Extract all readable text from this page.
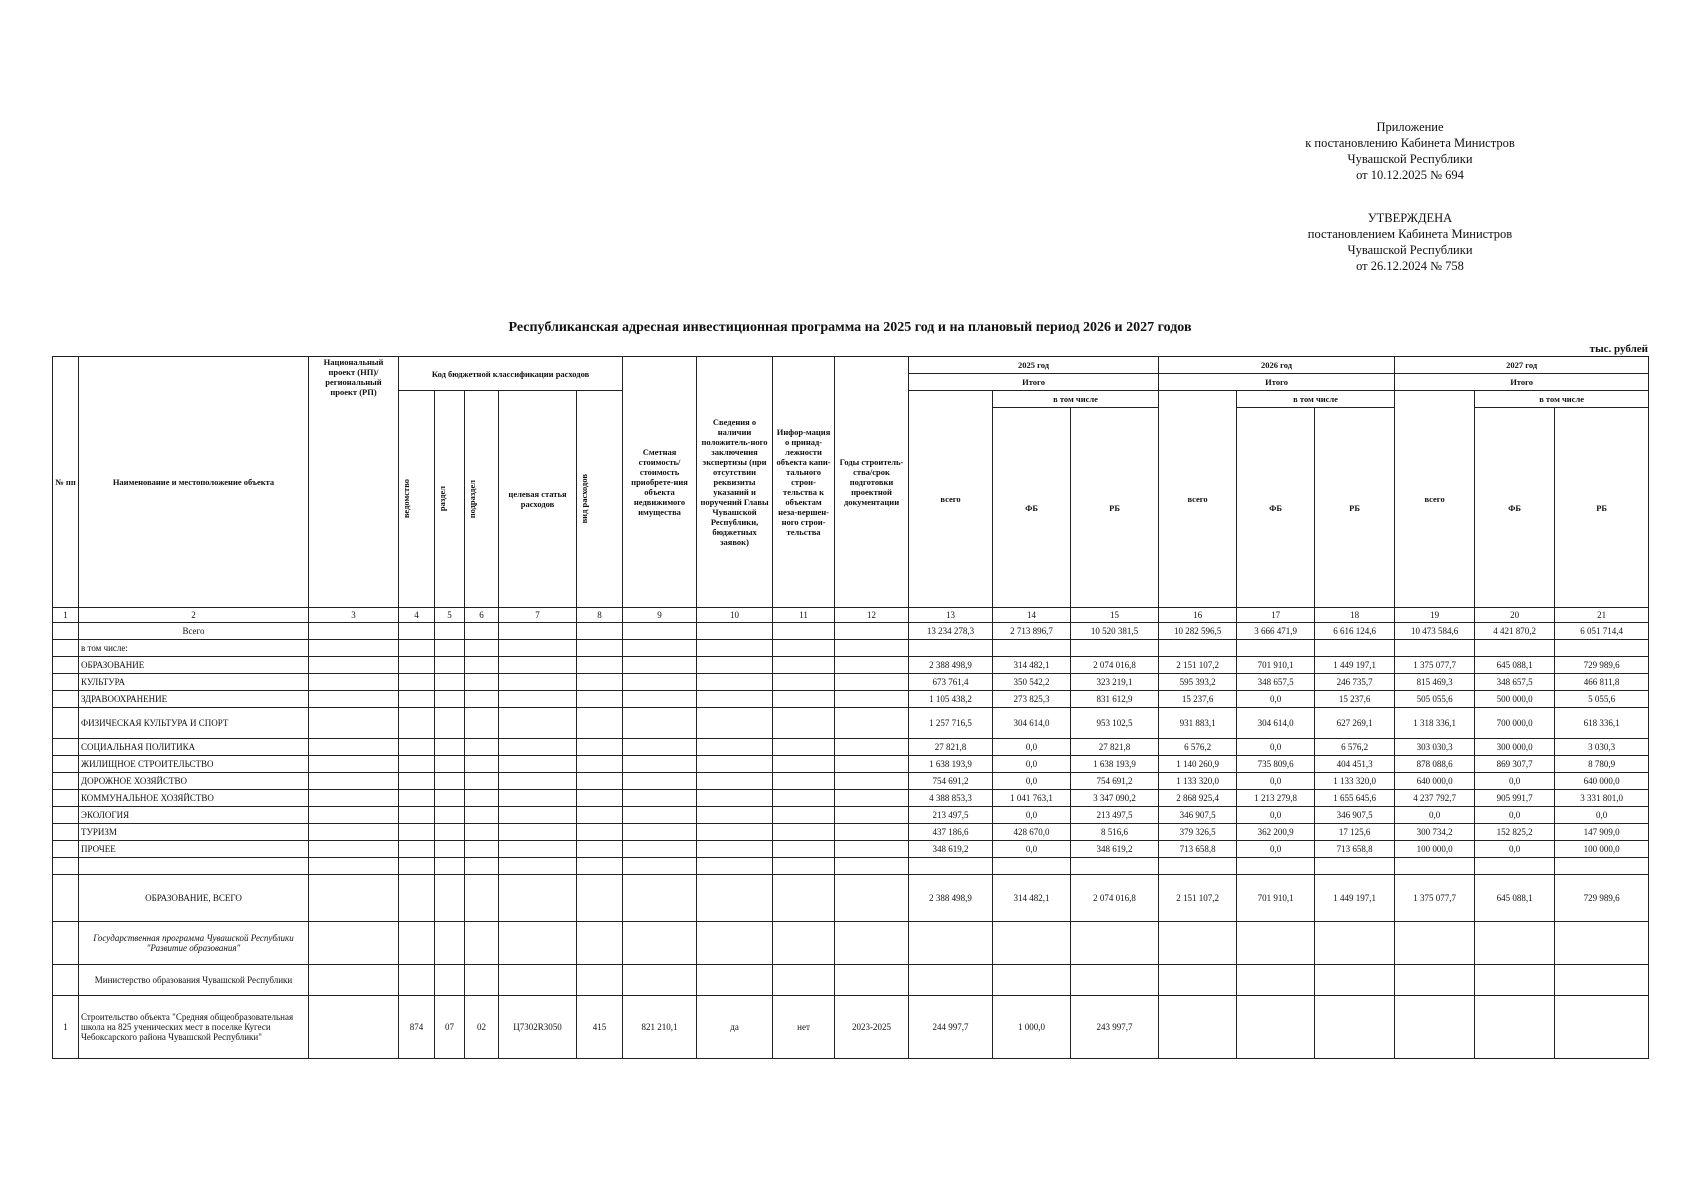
Приложение
к постановлению Кабинета Министров
Чувашской Республики
от 10.12.2025 № 694
УТВЕРЖДЕНА
постановлением Кабинета Министров
Чувашской Республики
от 26.12.2024 № 758
Республиканская адресная инвестиционная программа на 2025 год и на плановый период 2026 и 2027 годов
тыс. рублей
№ пп	Наименование и местоположение объекта	Национальный проект (НП)/ региональный проект (РП)	Код бюджетной классификации расходов					Сметная стоимость/ стоимость приобрете-ния объекта недвижимого имущества	Сведения о наличии положитель-ного заключения экспертизы (при отсутствии реквизиты указаний и поручений Главы Чувашской Республики, бюджетных заявок)	Инфор-мация о принад-лежности объекта капи-тального строи-тельства к объектам неза-вершен-ного строи-тельства	Годы строитель-ства/срок подготовки проектной документации	2025 год			2026 год			2027 год		
												Итого			Итого			Итого		

			ведомство	раздел	подраздел	целевая статья расходов	вид расходов					всего	в том числе		всего	в том числе		всего	в том числе	
													ФБ	РБ		ФБ	РБ		ФБ	РБ
1	2	3	4	5	6	7	8	9	10	11	12	13	14	15	16	17	18	19	20	21
	Всего											13 234 278,3	2 713 896,7	10 520 381,5	10 282 596,5	3 666 471,9	6 616 124,6	10 473 584,6	4 421 870,2	6 051 714,4
	в том числе:																			
	ОБРАЗОВАНИЕ											2 388 498,9	314 482,1	2 074 016,8	2 151 107,2	701 910,1	1 449 197,1	1 375 077,7	645 088,1	729 989,6
	КУЛЬТУРА											673 761,4	350 542,2	323 219,1	595 393,2	348 657,5	246 735,7	815 469,3	348 657,5	466 811,8
	ЗДРАВООХРАНЕНИЕ											1 105 438,2	273 825,3	831 612,9	15 237,6	0,0	15 237,6	505 055,6	500 000,0	5 055,6
	ФИЗИЧЕСКАЯ КУЛЬТУРА И СПОРТ											1 257 716,5	304 614,0	953 102,5	931 883,1	304 614,0	627 269,1	1 318 336,1	700 000,0	618 336,1
	СОЦИАЛЬНАЯ ПОЛИТИКА											27 821,8	0,0	27 821,8	6 576,2	0,0	6 576,2	303 030,3	300 000,0	3 030,3
	ЖИЛИЩНОЕ СТРОИТЕЛЬСТВО											1 638 193,9	0,0	1 638 193,9	1 140 260,9	735 809,6	404 451,3	878 088,6	869 307,7	8 780,9
	ДОРОЖНОЕ ХОЗЯЙСТВО											754 691,2	0,0	754 691,2	1 133 320,0	0,0	1 133 320,0	640 000,0	0,0	640 000,0
	КОММУНАЛЬНОЕ ХОЗЯЙСТВО											4 388 853,3	1 041 763,1	3 347 090,2	2 868 925,4	1 213 279,8	1 655 645,6	4 237 792,7	905 991,7	3 331 801,0
	ЭКОЛОГИЯ											213 497,5	0,0	213 497,5	346 907,5	0,0	346 907,5	0,0	0,0	0,0
	ТУРИЗМ											437 186,6	428 670,0	8 516,6	379 326,5	362 200,9	17 125,6	300 734,2	152 825,2	147 909,0
	ПРОЧЕЕ											348 619,2	0,0	348 619,2	713 658,8	0,0	713 658,8	100 000,0	0,0	100 000,0

	ОБРАЗОВАНИЕ, ВСЕГО											2 388 498,9	314 482,1	2 074 016,8	2 151 107,2	701 910,1	1 449 197,1	1 375 077,7	645 088,1	729 989,6
	Государственная программа Чувашской Республики "Развитие образования"																			
	Министерство образования Чувашской Республики																			
1	Строительство объекта "Средняя общеобразовательная школа на 825 ученических мест в поселке Кугеси Чебоксарского района Чувашской Республики"		874	07	02	Ц7302R3050	415	821 210,1	да	нет	2023-2025	244 997,7	1 000,0	243 997,7						
